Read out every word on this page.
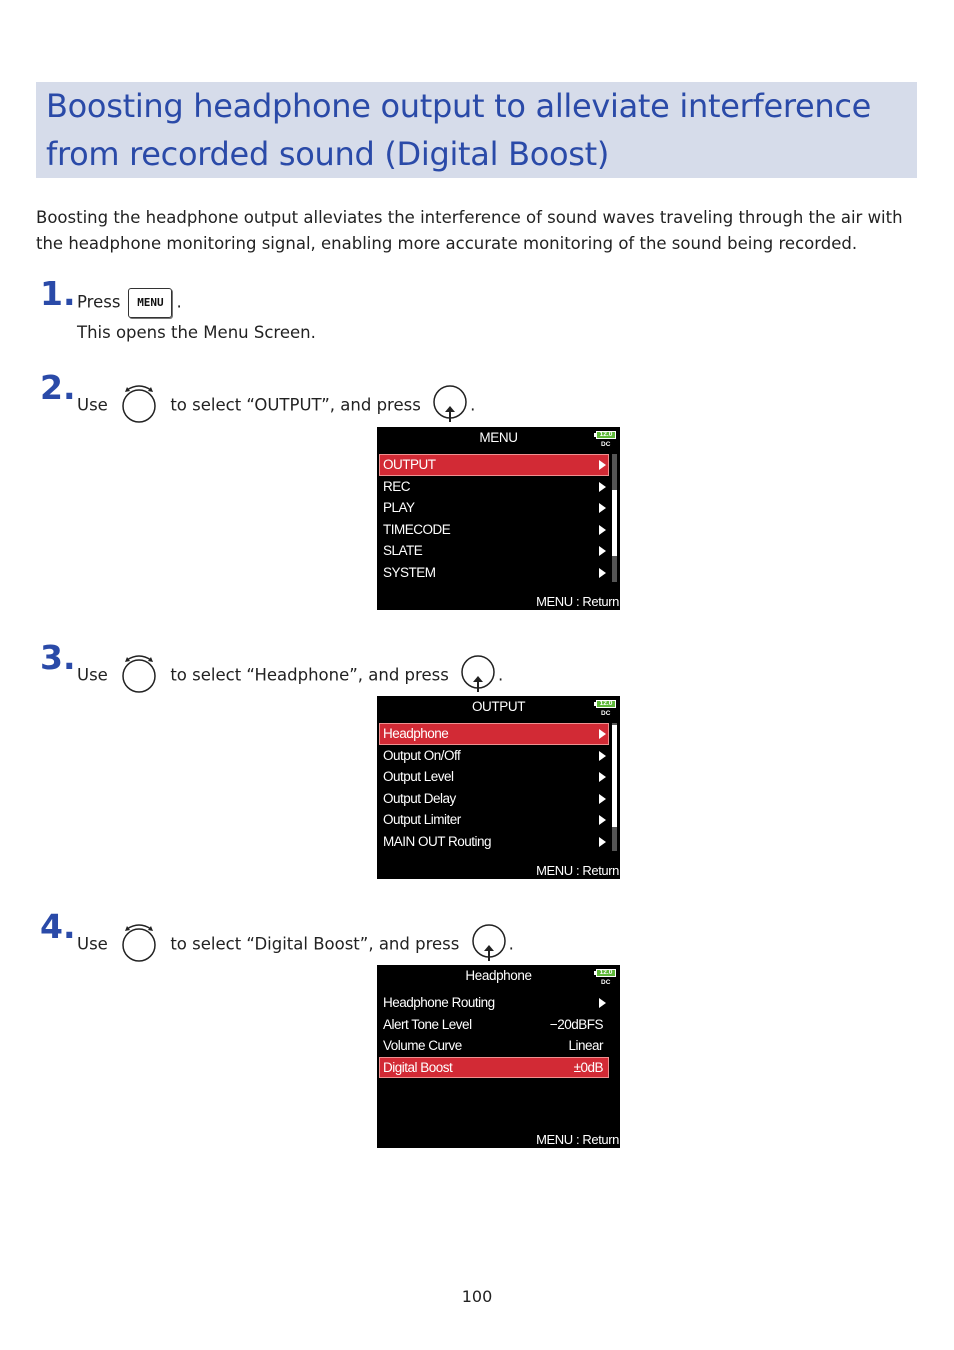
Boosting headphone output to alleviate interference
from recorded sound (Digital Boost)
Boosting the headphone output alleviates the interference of sound waves traveling through the air with
the headphone monitoring signal, enabling more accurate monitoring of the sound being recorded.
1. Press MENU .
This opens the Menu Screen.
2. Use	to select “OUTPUT”, and press	.
MENU	12.0
DC
OUTPUT
REC
PLAY
TIMECODE
SLATE
SYSTEM
MENU : Return
3. Use	to select “Headphone”, and press	.
OUTPUT	12.0
DC
Headphone
Output On/Off
Output Level
Output Delay
Output Limiter
MAIN OUT Routing
MENU : Return
4. Use	to select “Digital Boost”, and press	.
Headphone	12.0
DC
Headphone Routing
Alert Tone Level	−20dBFS
Volume Curve	Linear
Digital Boost	±0dB
MENU : Return
100
